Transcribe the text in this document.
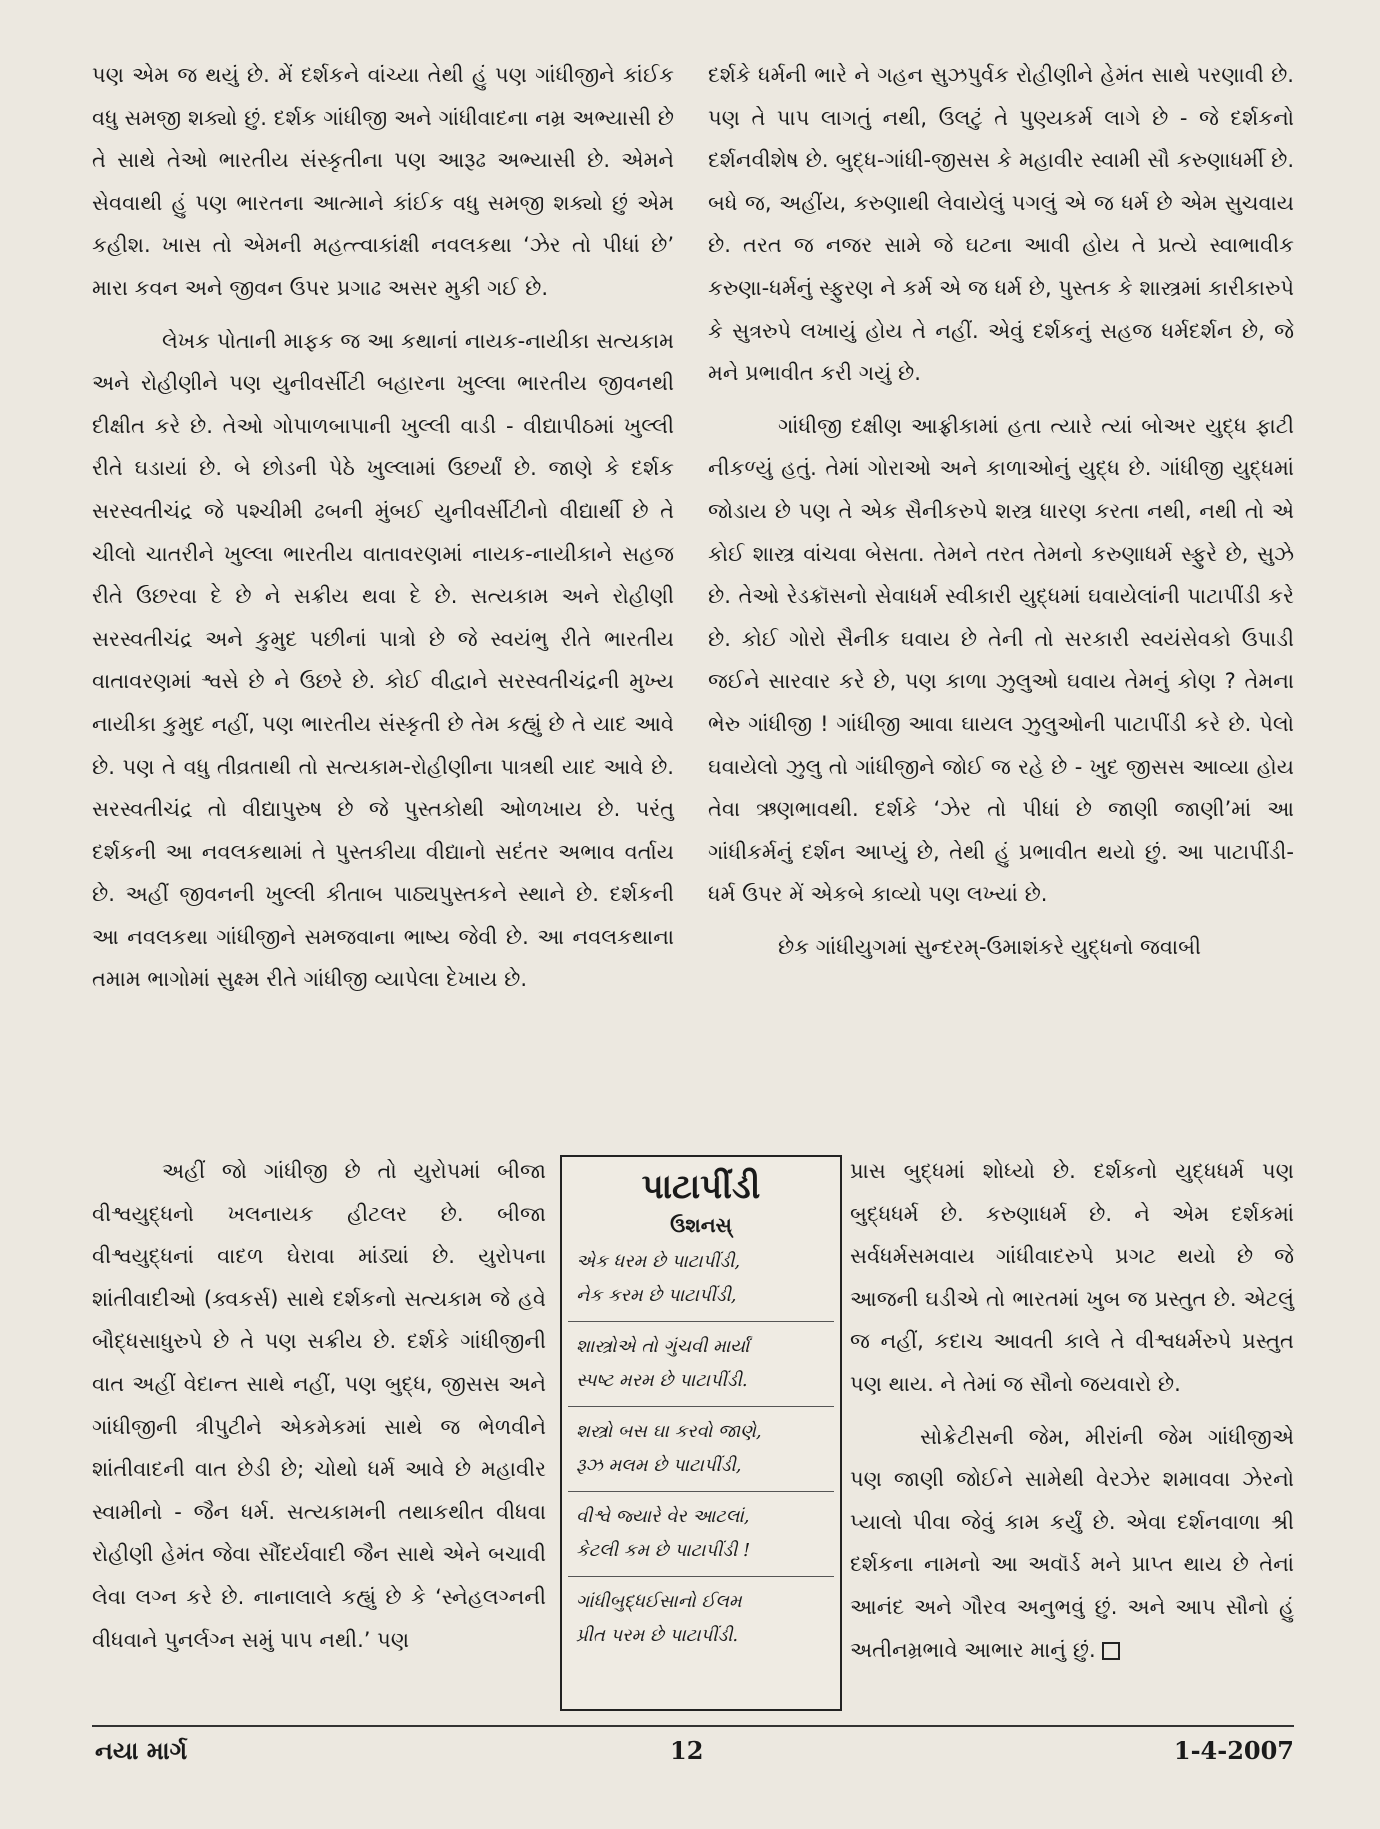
પણ એમ જ થયું છે. મેં દર્શકને વાંચ્યા તેથી હું પણ ગાંધીજીને કાંઈક વધુ સમજી શક્યો છું. દર્શક ગાંધીજી અને ગાંધીવાદના નમ્ર અભ્યાસી છે તે સાથે તેઓ ભારતીય સંસ્કૃતીના પણ આરૂઢ અભ્યાસી છે. એમને સેવવાથી હું પણ ભારતના આત્માને કાંઈક વધુ સમજી શક્યો છું એમ કહીશ. ખાસ તો એમની મહત્ત્વાકાંક્ષી નવલકથા ‘ઝેર તો પીધાં છે’ મારા કવન અને જીવન ઉપર પ્રગાઢ અસર મુકી ગઈ છે.

લેખક પોતાની માફક જ આ કથાનાં નાયક-નાયીકા સત્યકામ અને રોહીણીને પણ યુનીવર્સીટી બહારના ખુલ્લા ભારતીય જીવનથી દીક્ષીત કરે છે. તેઓ ગોપાળબાપાની ખુલ્લી વાડી - વીદ્યાપીઠમાં ખુલ્લી રીતે ઘડાયાં છે. બે છોડની પેઠે ખુલ્લામાં ઉછર્યાં છે. જાણે કે દર્શક સરસ્વતીચંદ્ર જે પશ્ચીમી ઢબની મુંબઈ યુનીવર્સીટીનો વીદ્યાર્થી છે તે ચીલો ચાતરીને ખુલ્લા ભારતીય વાતાવરણમાં નાયક-નાયીકાને સહજ રીતે ઉછરવા દે છે ને સક્રીય થવા દે છે. સત્યકામ અને રોહીણી સરસ્વતીચંદ્ર અને કુમુદ પછીનાં પાત્રો છે જે સ્વયંભુ રીતે ભારતીય વાતાવરણમાં શ્વસે છે ને ઉછરે છે. કોઈ વીદ્વાને સરસ્વતીચંદ્રની મુખ્ય નાયીકા કુમુદ નહીં, પણ ભારતીય સંસ્કૃતી છે તેમ કહ્યું છે તે યાદ આવે છે. પણ તે વધુ તીવ્રતાથી તો સત્યકામ-રોહીણીના પાત્રથી યાદ આવે છે. સરસ્વતીચંદ્ર તો વીદ્યાપુરુષ છે જે પુસ્તકોથી ઓળખાય છે. પરંતુ દર્શકની આ નવલકથામાં તે પુસ્તકીયા વીદ્યાનો સદંતર અભાવ વર્તાય છે. અહીં જીવનની ખુલ્લી કીતાબ પાઠ્યપુસ્તકને સ્થાને છે. દર્શકની આ નવલકથા ગાંધીજીને સમજવાના ભાષ્ય જેવી છે. આ નવલકથાના તમામ ભાગોમાં સુક્ષ્મ રીતે ગાંધીજી વ્યાપેલા દેખાય છે.

દર્શકે ધર્મની ભારે ને ગહન સુઝપુર્વક રોહીણીને હેમંત સાથે પરણાવી છે. પણ તે પાપ લાગતું નથી, ઉલટું તે પુણ્યકર્મ લાગે છે - જે દર્શકનો દર્શનવીશેષ છે. બુદ્ધ-ગાંધી-જીસસ કે મહાવીર સ્વામી સૌ કરુણાધર્મી છે. બધે જ, અહીંય, કરુણાથી લેવાયેલું પગલું એ જ ધર્મ છે એમ સુચવાય છે. તરત જ નજર સામે જે ઘટના આવી હોય તે પ્રત્યે સ્વાભાવીક કરુણા-ધર્મનું સ્ફુરણ ને કર્મ એ જ ધર્મ છે, પુસ્તક કે શાસ્ત્રમાં કારીકારુપે કે સુત્રરુપે લખાયું હોય તે નહીં. એવું દર્શકનું સહજ ધર્મદર્શન છે, જે મને પ્રભાવીત કરી ગયું છે.

ગાંધીજી દક્ષીણ આફ્રીકામાં હતા ત્યારે ત્યાં બોઅર યુદ્ધ ફાટી નીકળ્યું હતું. તેમાં ગોરાઓ અને કાળાઓનું યુદ્ધ છે. ગાંધીજી યુદ્ધમાં જોડાય છે પણ તે એક સૈનીકરુપે શસ્ત્ર ધારણ કરતા નથી, નથી તો એ કોઈ શાસ્ત્ર વાંચવા બેસતા. તેમને તરત તેમનો કરુણાધર્મ સ્ફુરે છે, સુઝે છે. તેઓ રેડક્રૉસનો સેવાધર્મ સ્વીકારી યુદ્ધમાં ઘવાયેલાંની પાટાપીંડી કરે છે. કોઈ ગોરો સૈનીક ઘવાય છે તેની તો સરકારી સ્વયંસેવકો ઉપાડી જઈને સારવાર કરે છે, પણ કાળા ઝુલુઓ ઘવાય તેમનું કોણ ? તેમના ભેરુ ગાંધીજી ! ગાંધીજી આવા ઘાયલ ઝુલુઓની પાટાપીંડી કરે છે. પેલો ઘવાયેલો ઝુલુ તો ગાંધીજીને જોઈ જ રહે છે - ખુદ જીસસ આવ્યા હોય તેવા ઋણભાવથી. દર્શકે ‘ઝેર તો પીધાં છે જાણી જાણી’માં આ ગાંધીકર્મનું દર્શન આપ્યું છે, તેથી હું પ્રભાવીત થયો છું. આ પાટાપીંડી-ધર્મ ઉપર મેં એકબે કાવ્યો પણ લખ્યાં છે.

છેક ગાંધીયુગમાં સુન્દરમ્-ઉમાશંકરે યુદ્ધનો જવાબી

અહીં જો ગાંધીજી છે તો યુરોપમાં બીજા વીશ્વયુદ્ધનો ખલનાયક હીટલર છે. બીજા વીશ્વયુદ્ધનાં વાદળ ઘેરાવા માંડ્યાં છે. યુરોપના શાંતીવાદીઓ (ક્વકર્સ) સાથે દર્શકનો સત્યકામ જે હવે બૌદ્ધસાધુરુપે છે તે પણ સક્રીય છે. દર્શકે ગાંધીજીની વાત અહીં વેદાન્ત સાથે નહીં, પણ બુદ્ધ, જીસસ અને ગાંધીજીની ત્રીપુટીને એકમેકમાં સાથે જ ભેળવીને શાંતીવાદની વાત છેડી છે; ચોથો ધર્મ આવે છે મહાવીર સ્વામીનો - જૈન ધર્મ. સત્યકામની તથાકથીત વીધવા રોહીણી હેમંત જેવા સૌંદર્યવાદી જૈન સાથે એને બચાવી લેવા લગ્ન કરે છે. નાનાલાલે કહ્યું છે કે ‘સ્નેહલગ્નની વીધવાને પુનર્લગ્ન સમું પાપ નથી.’ પણ

પાટાપીંડી
ઉશનસ્
એક ધરમ છે પાટાપીંડી,
નેક કરમ છે પાટાપીંડી,
શાસ્ત્રોએ તો ગુંચવી માર્યાં
સ્પષ્ટ મરમ છે પાટાપીંડી.
શસ્ત્રો બસ ઘા કરવો જાણે,
રૂઝ મલમ છે પાટાપીંડી,
વીશ્વે જ્યારે વેર આટલાં,
કેટલી કમ છે પાટાપીંડી !
ગાંધીબુદ્ધઈસાનો ઈલમ
પ્રીત પરમ છે પાટાપીંડી.

પ્રાસ બુદ્ધમાં શોધ્યો છે. દર્શકનો યુદ્ધધર્મ પણ બુદ્ધધર્મ છે. કરુણાધર્મ છે. ને એમ દર્શકમાં સર્વધર્મસમવાય ગાંધીવાદરુપે પ્રગટ થયો છે જે આજની ઘડીએ તો ભારતમાં ખુબ જ પ્રસ્તુત છે. એટલું જ નહીં, કદાચ આવતી કાલે તે વીશ્વધર્મરુપે પ્રસ્તુત પણ થાય. ને તેમાં જ સૌનો જયવારો છે.

સોક્રેટીસની જેમ, મીરાંની જેમ ગાંધીજીએ પણ જાણી જોઈને સામેથી વેરઝેર શમાવવા ઝેરનો પ્યાલો પીવા જેવું કામ કર્યું છે. એવા દર્શનવાળા શ્રી દર્શકના નામનો આ અવૉર્ડ મને પ્રાપ્ત થાય છે તેનાં આનંદ અને ગૌરવ અનુભવું છું. અને આપ સૌનો હું અતીનમ્રભાવે આભાર માનું છું.

નયા માર્ગ	12	1-4-2007
